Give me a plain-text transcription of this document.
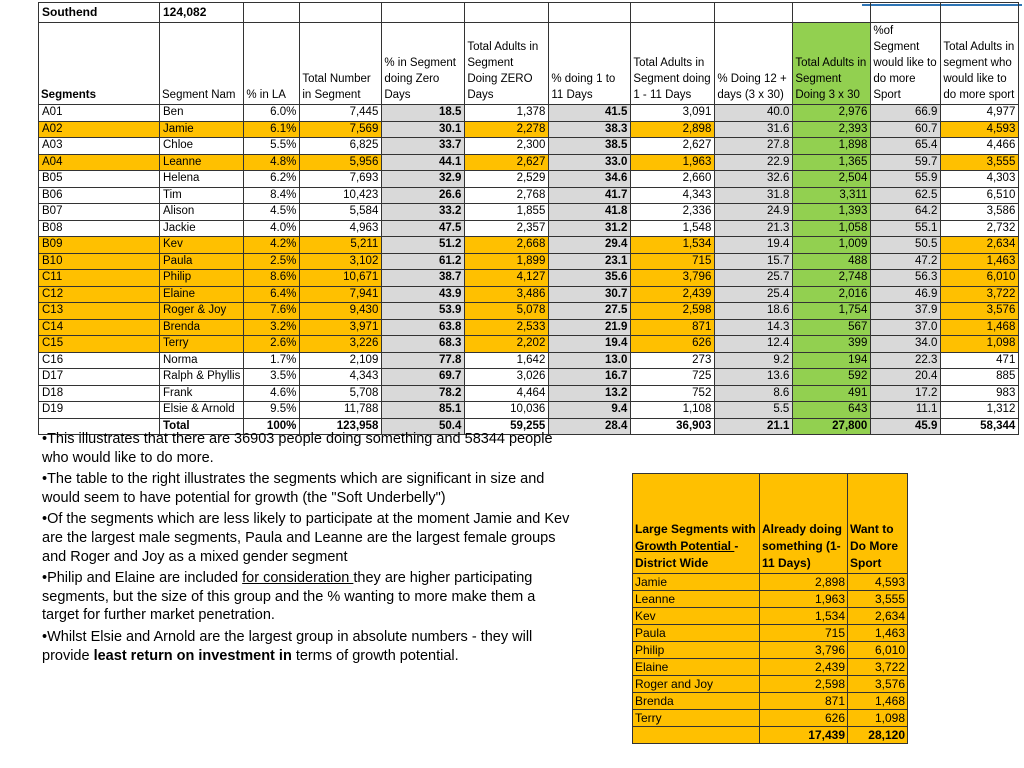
Southend	124,082										
Segments	Segment Nam	% in LA	Total Number in Segment	% in Segment doing Zero Days	Total Adults in Segment Doing ZERO Days	% doing 1 to 11 Days	Total Adults in Segment doing 1 - 11 Days	% Doing 12 + days (3 x 30)	Total Adults in Segment Doing 3 x 30	%of Segment would like to do more Sport	Total Adults in segment who would like to do more sport
A01	Ben	6.0%	7,445	18.5	1,378	41.5	3,091	40.0	2,976	66.9	4,977
A02	Jamie	6.1%	7,569	30.1	2,278	38.3	2,898	31.6	2,393	60.7	4,593
A03	Chloe	5.5%	6,825	33.7	2,300	38.5	2,627	27.8	1,898	65.4	4,466
A04	Leanne	4.8%	5,956	44.1	2,627	33.0	1,963	22.9	1,365	59.7	3,555
B05	Helena	6.2%	7,693	32.9	2,529	34.6	2,660	32.6	2,504	55.9	4,303
B06	Tim	8.4%	10,423	26.6	2,768	41.7	4,343	31.8	3,311	62.5	6,510
B07	Alison	4.5%	5,584	33.2	1,855	41.8	2,336	24.9	1,393	64.2	3,586
B08	Jackie	4.0%	4,963	47.5	2,357	31.2	1,548	21.3	1,058	55.1	2,732
B09	Kev	4.2%	5,211	51.2	2,668	29.4	1,534	19.4	1,009	50.5	2,634
B10	Paula	2.5%	3,102	61.2	1,899	23.1	715	15.7	488	47.2	1,463
C11	Philip	8.6%	10,671	38.7	4,127	35.6	3,796	25.7	2,748	56.3	6,010
C12	Elaine	6.4%	7,941	43.9	3,486	30.7	2,439	25.4	2,016	46.9	3,722
C13	Roger & Joy	7.6%	9,430	53.9	5,078	27.5	2,598	18.6	1,754	37.9	3,576
C14	Brenda	3.2%	3,971	63.8	2,533	21.9	871	14.3	567	37.0	1,468
C15	Terry	2.6%	3,226	68.3	2,202	19.4	626	12.4	399	34.0	1,098
C16	Norma	1.7%	2,109	77.8	1,642	13.0	273	9.2	194	22.3	471
D17	Ralph & Phyllis	3.5%	4,343	69.7	3,026	16.7	725	13.6	592	20.4	885
D18	Frank	4.6%	5,708	78.2	4,464	13.2	752	8.6	491	17.2	983
D19	Elsie & Arnold	9.5%	11,788	85.1	10,036	9.4	1,108	5.5	643	11.1	1,312
	Total	100%	123,958	50.4	59,255	28.4	36,903	21.1	27,800	45.9	58,344

•This illustrates that there are 36903 people doing something and 58344 people who would like to do more.

•The table to the right illustrates the segments which are significant in size and would seem to have potential for growth (the "Soft Underbelly")

•Of the segments which are less likely to participate at the moment Jamie and Kev are the largest male segments, Paula and Leanne are the largest female groups and Roger and Joy as a mixed gender segment

•Philip and Elaine are included for consideration they are higher participating segments, but the size of this group and the % wanting to more make them a target for further market penetration.

•Whilst Elsie and Arnold are the largest group in absolute numbers - they will provide least return on investment in terms of growth potential.

Large Segments with Growth Potential - District Wide	Already doing something (1-11 Days)	Want to Do More Sport
Jamie	2,898	4,593
Leanne	1,963	3,555
Kev	1,534	2,634
Paula	715	1,463
Philip	3,796	6,010
Elaine	2,439	3,722
Roger and Joy	2,598	3,576
Brenda	871	1,468
Terry	626	1,098
	17,439	28,120
